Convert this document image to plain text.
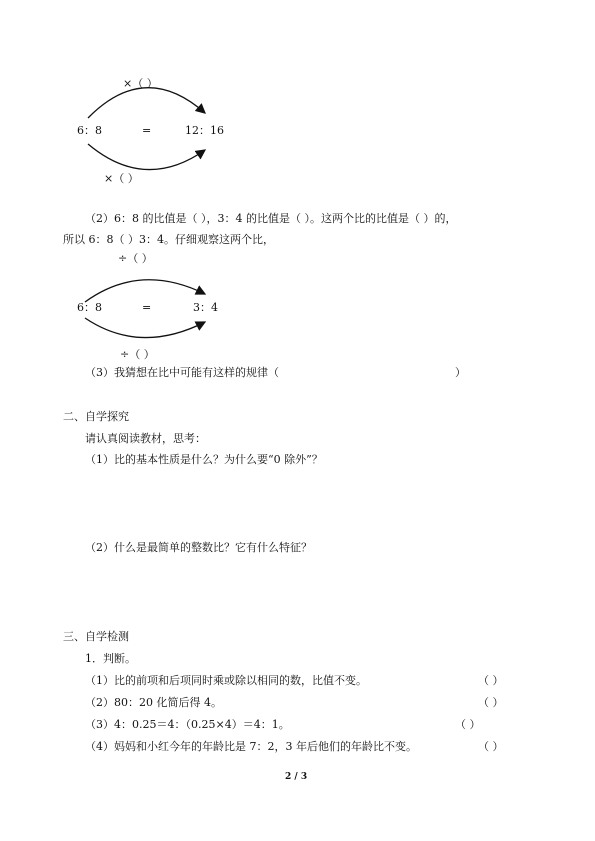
×（ ）
6：8	=	12：16
×（ ）
（2）6：8 的比值是（ ），3：4 的比值是（ ）。这两个比的比值是（ ）的，
所以 6：8（ ）3：4。仔细观察这两个比，
÷（ ）
6：8	=	3：4
÷（ ）
（3）我猜想在比中可能有这样的规律（	）
二、自学探究
请认真阅读教材，思考：
（1）比的基本性质是什么？为什么要“0 除外”？
（2）什么是最简单的整数比？它有什么特征？
三、自学检测
1．判断。
（1）比的前项和后项同时乘或除以相同的数，比值不变。	（ ）
（2）80：20 化简后得 4。	（ ）
（3）4：0.25＝4：（0.25×4）＝4：1。	（ ）
（4）妈妈和小红今年的年龄比是 7：2，3 年后他们的年龄比不变。	（ ）
2 / 3
